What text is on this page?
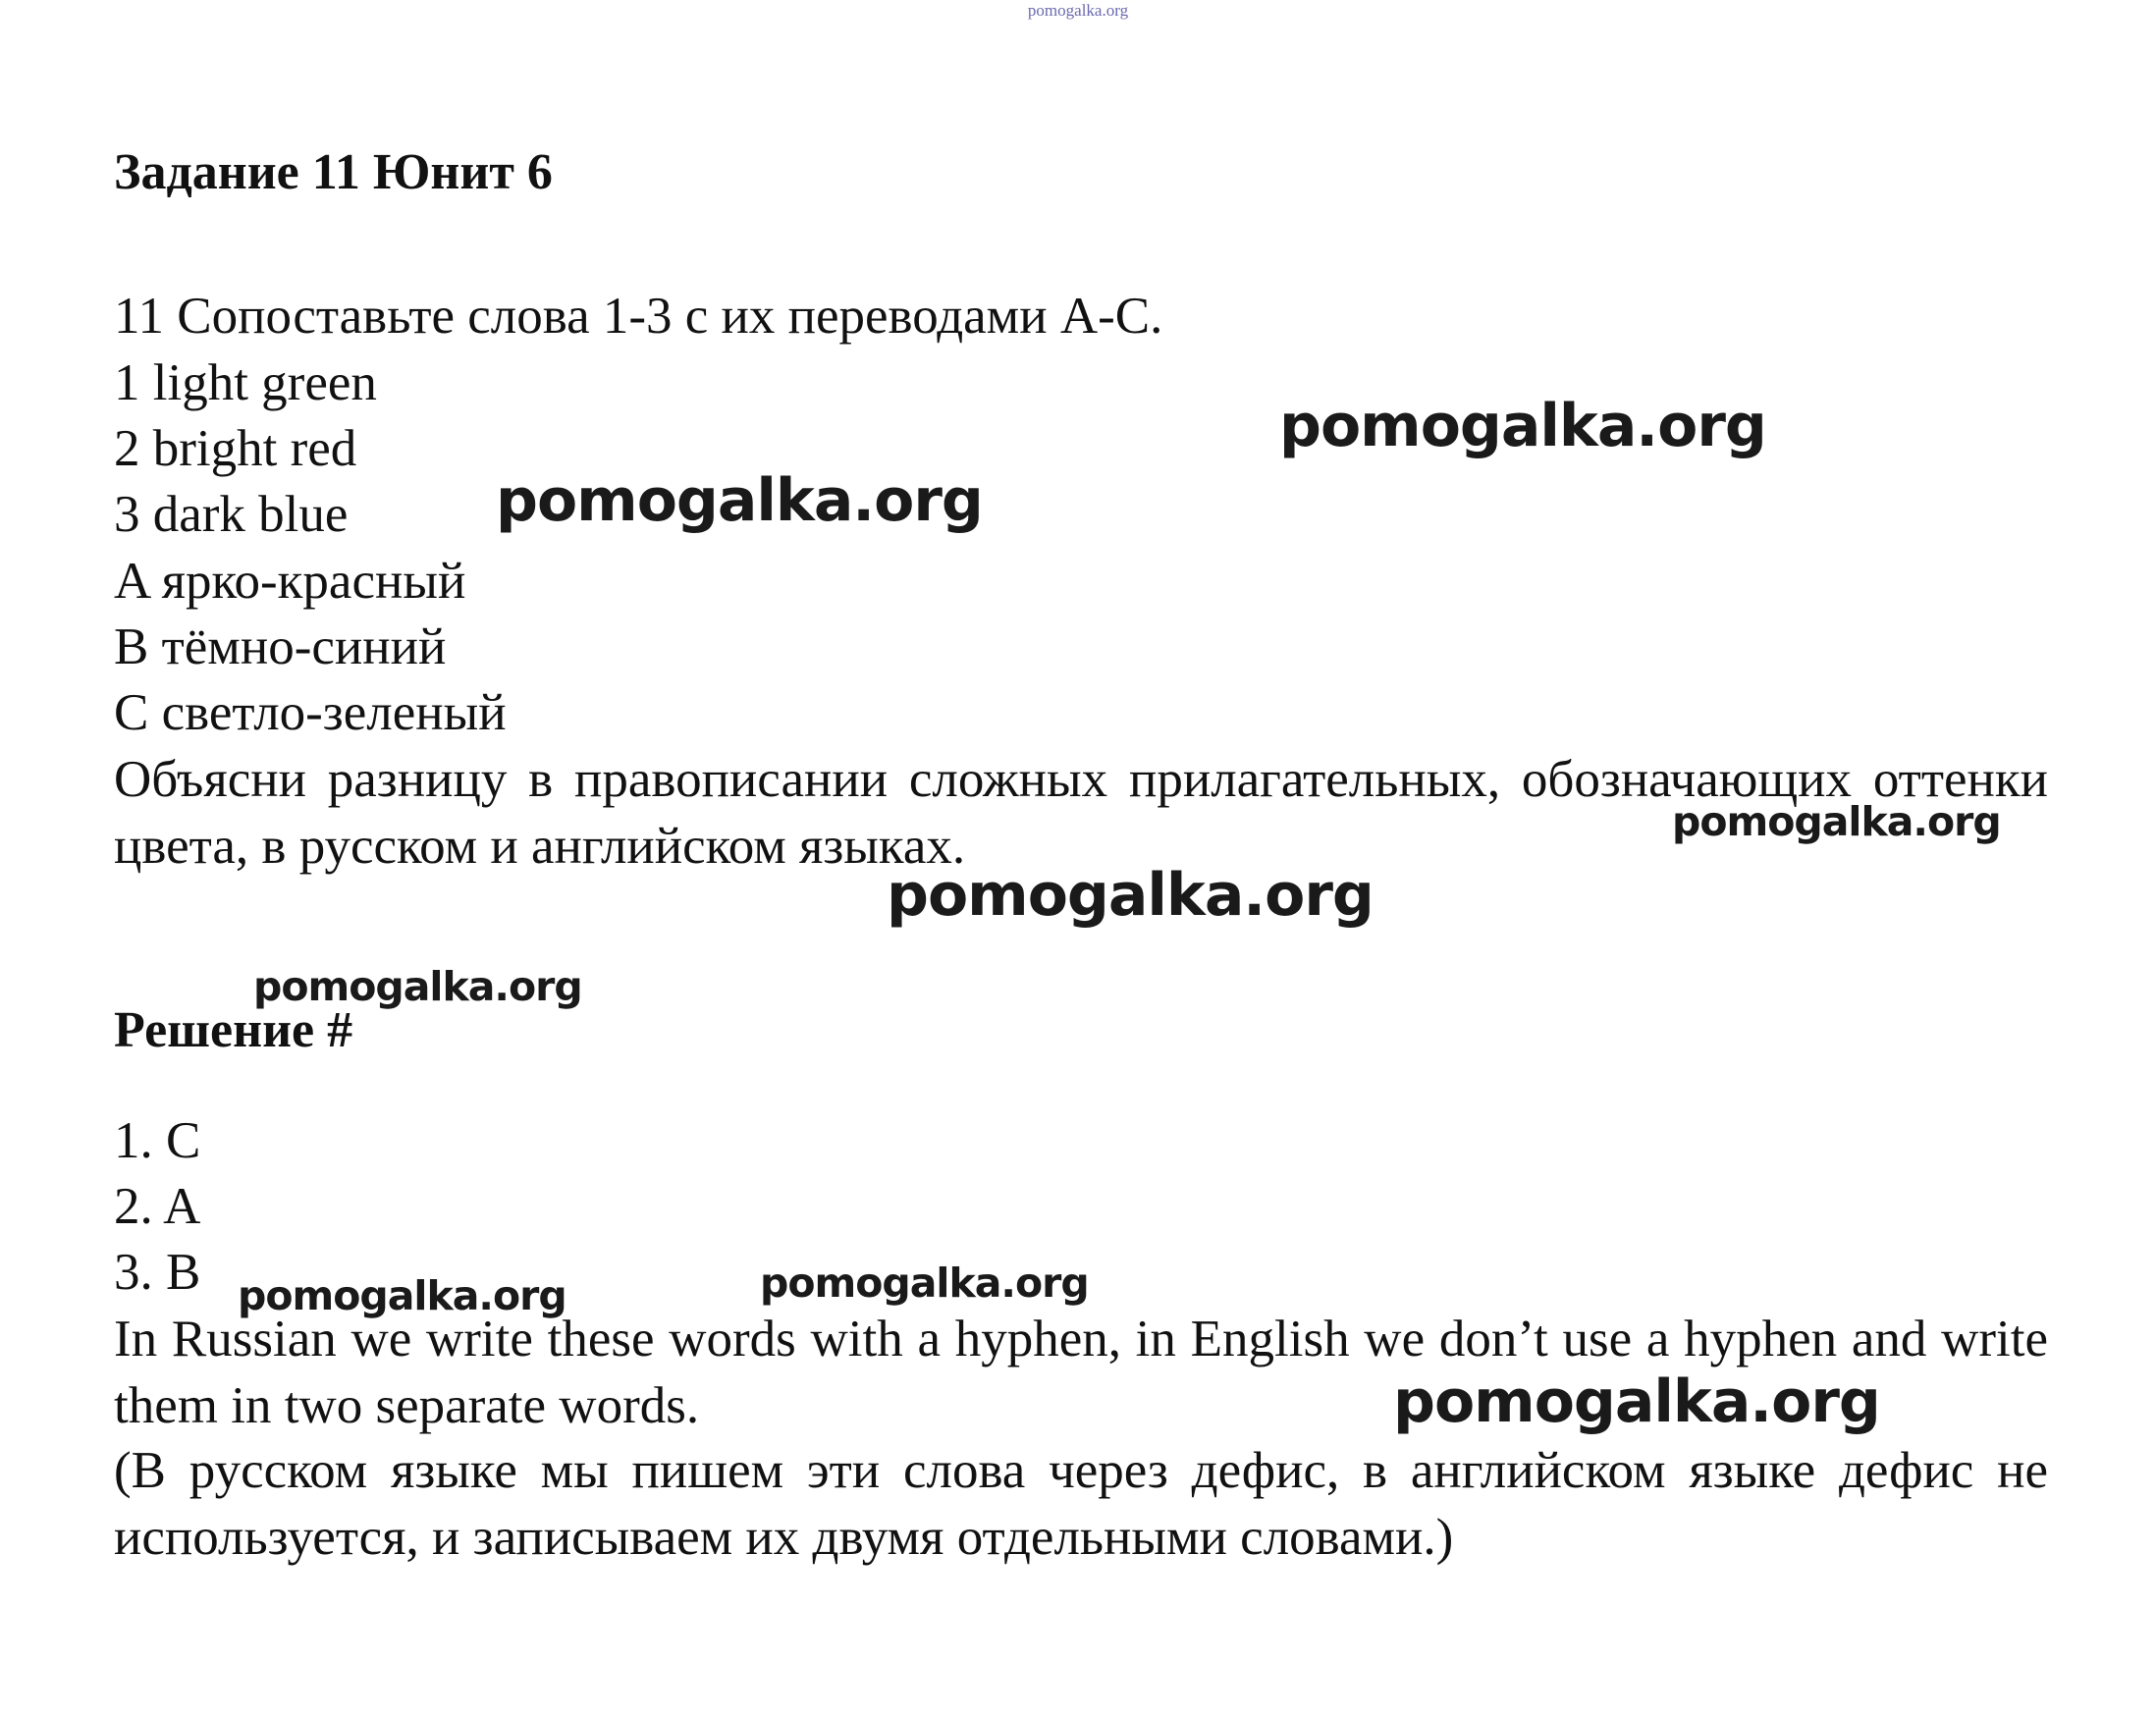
pomogalka.org
Задание 11 Юнит 6
11 Сопоставьте слова 1-3 с их переводами A-C.
1 light green
2 bright red
3 dark blue
A ярко-красный
B тёмно-синий
C светло-зеленый
Объясни разницу в правописании сложных прилагательных, обозначающих оттенки цвета, в русском и английском языках.
Решение #
1. C
2. A
3. B
In Russian we write these words with a hyphen, in English we don’t use a hyphen and write them in two separate words.
(В русском языке мы пишем эти слова через дефис, в английском языке дефис не используется, и записываем их двумя отдельными словами.)
pomogalka.org
pomogalka.org
pomogalka.org
pomogalka.org
pomogalka.org
pomogalka.org	pomogalka.org
pomogalka.org
